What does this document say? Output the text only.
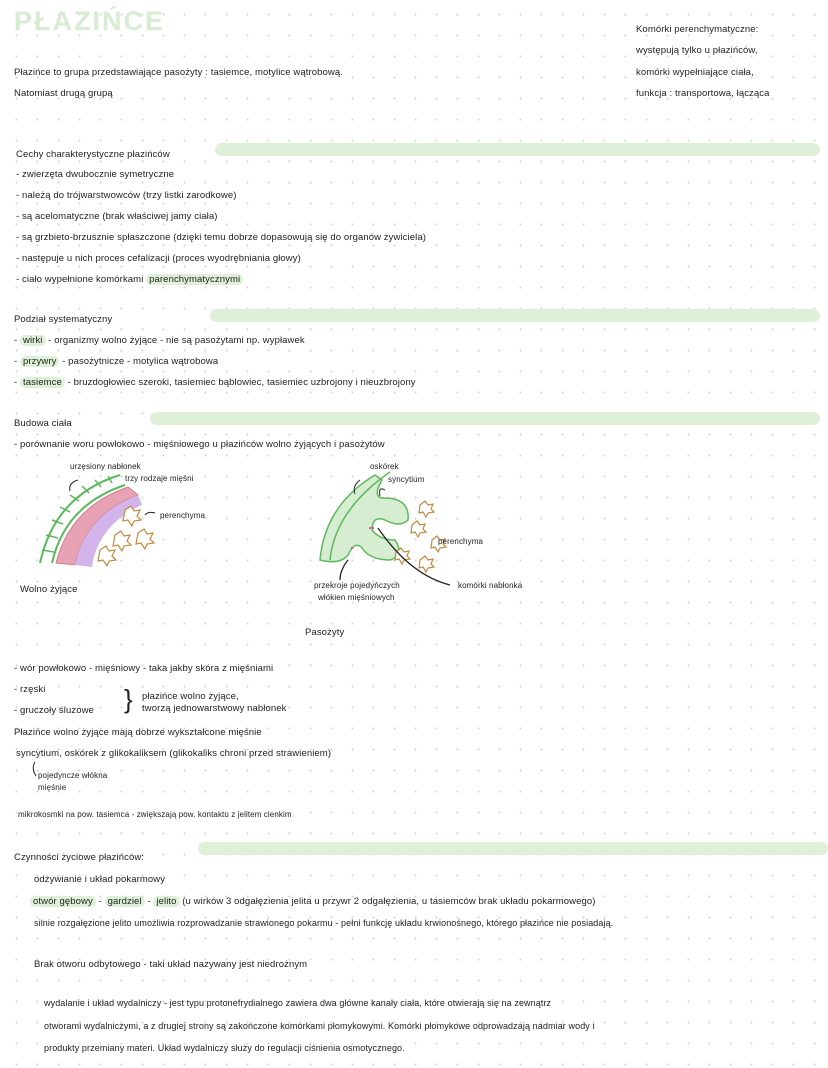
PŁAZIŃCE	Komórki perenchymatyczne:
występują tylko u płazińców,
komórki wypełniające ciała,
funkcja : transportowa, łącząca
Płazińce to grupa przedstawiające pasożyty : tasiemce, motylice wątrobową.
Natomiast drugą grupą
Cechy charakterystyczne płazińców
- zwierzęta dwubocznie symetryczne
- należą do trójwarstwowców (trzy listki zarodkowe)
- są acelomatyczne (brak właściwej jamy ciała)
- są grzbieto-brzusznie spłaszczone (dzięki temu dobrze dopasowują się do organów żywiciela)
- następuje u nich proces cefalizacji (proces wyodrębniania głowy)
- ciało wypełnione komórkami parenchymatycznymi
Podział systematyczny
- wirki - organizmy wolno żyjące - nie są pasożytami np. wypławek
- przywry - pasożytnicze - motylica wątrobowa
- tasiemce - bruzdogłowiec szeroki, tasiemiec bąblowiec, tasiemiec uzbrojony i nieuzbrojony
Budowa ciała
- porównanie woru powłokowo - mięśniowego u płazińców wolno żyjących i pasożytów
urzęsiony nabłonek
trzy rodzaje mięśni
perenchyma
Wolno żyjące
oskórek
syncytium
perenchyma
przekroje pojedyńczych
włókien mięśniowych
komórki nabłonka
Pasożyty
- wór powłokowo - mięśniowy - taka jakby skóra z mięśniami
- rzęski
- gruczoły śluzowe } płazińce wolno żyjące,
tworzą jednowarstwowy nabłonek
Płazińce wolno żyjące mają dobrze wykształcone mięśnie
syncytium, oskórek z glikokaliksem (glikokaliks chroni przed strawieniem)
pojedyncze włókna
mięśnie
mikrokosmki na pow. tasiemca - zwiększają pow. kontaktu z jelitem cienkim
Czynności życiowe płazińców:
odżywianie i układ pokarmowy
otwór gębowy - gardziel - jelito (u wirków 3 odgałęzienia jelita u przywr 2 odgałęzienia, u tasiemców brak układu pokarmowego)
silnie rozgałęzione jelito umożliwia rozprowadzanie strawionego pokarmu - pełni funkcję układu krwionośnego, którego płazińce nie posiadają.
Brak otworu odbytowego - taki układ nazywany jest niedrożnym
wydalanie i układ wydalniczy - jest typu protonefrydialnego zawiera dwa główne kanały ciała, które otwierają się na zewnątrz
otworami wydalniczymi, a z drugiej strony są zakończone komórkami płomykowymi. Komórki płomykowe odprowadzają nadmiar wody i
produkty przemiany materi. Układ wydalniczy służy do regulacji ciśnienia osmotycznego.
